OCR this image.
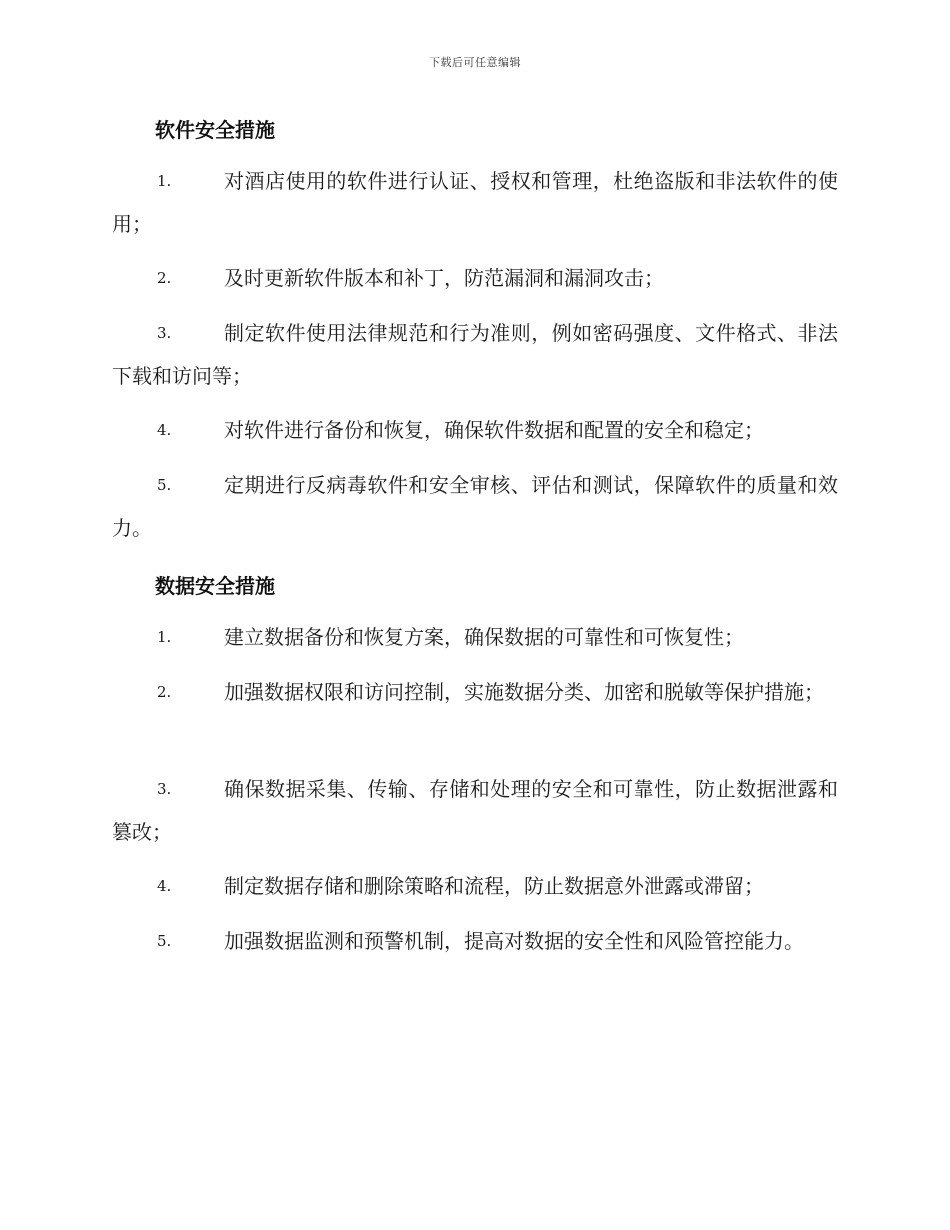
下载后可任意编辑
软件安全措施
1.	对酒店使用的软件进行认证、授权和管理，杜绝盗版和非法软件的使用；
2.	及时更新软件版本和补丁，防范漏洞和漏洞攻击；
3.	制定软件使用法律规范和行为准则，例如密码强度、文件格式、非法下载和访问等；
4.	对软件进行备份和恢复，确保软件数据和配置的安全和稳定；
5.	定期进行反病毒软件和安全审核、评估和测试，保障软件的质量和效力。
数据安全措施
1.	建立数据备份和恢复方案，确保数据的可靠性和可恢复性；
2.	加强数据权限和访问控制，实施数据分类、加密和脱敏等保护措施；
3.	确保数据采集、传输、存储和处理的安全和可靠性，防止数据泄露和篡改；
4.	制定数据存储和删除策略和流程，防止数据意外泄露或滞留；
5.	加强数据监测和预警机制，提高对数据的安全性和风险管控能力。
